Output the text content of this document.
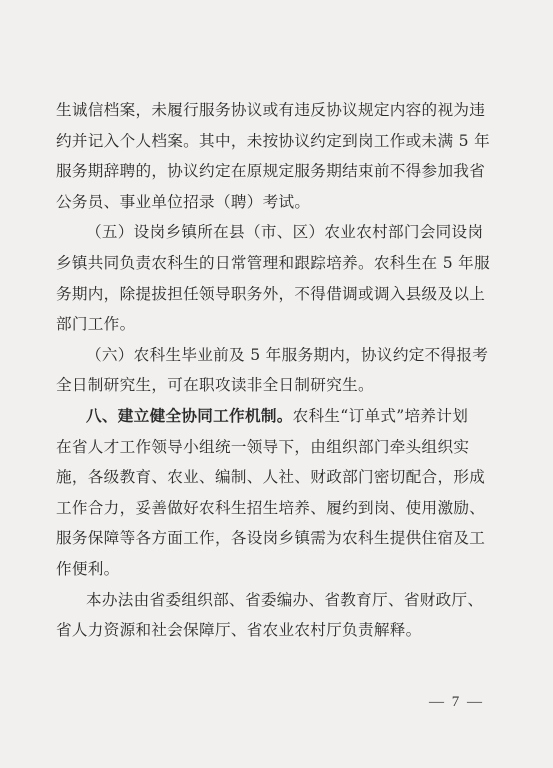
生诚信档案，未履行服务协议或有违反协议规定内容的视为违
约并记入个人档案。其中，未按协议约定到岗工作或未满 5 年
服务期辞聘的，协议约定在原规定服务期结束前不得参加我省
公务员、事业单位招录（聘）考试。
（五）设岗乡镇所在县（市、区）农业农村部门会同设岗
乡镇共同负责农科生的日常管理和跟踪培养。农科生在 5 年服
务期内，除提拔担任领导职务外，不得借调或调入县级及以上
部门工作。
（六）农科生毕业前及 5 年服务期内，协议约定不得报考
全日制研究生，可在职攻读非全日制研究生。
八、建立健全协同工作机制。农科生“订单式”培养计划
在省人才工作领导小组统一领导下，由组织部门牵头组织实
施，各级教育、农业、编制、人社、财政部门密切配合，形成
工作合力，妥善做好农科生招生培养、履约到岗、使用激励、
服务保障等各方面工作，各设岗乡镇需为农科生提供住宿及工
作便利。
本办法由省委组织部、省委编办、省教育厅、省财政厅、
省人力资源和社会保障厅、省农业农村厅负责解释。
— 7 —
